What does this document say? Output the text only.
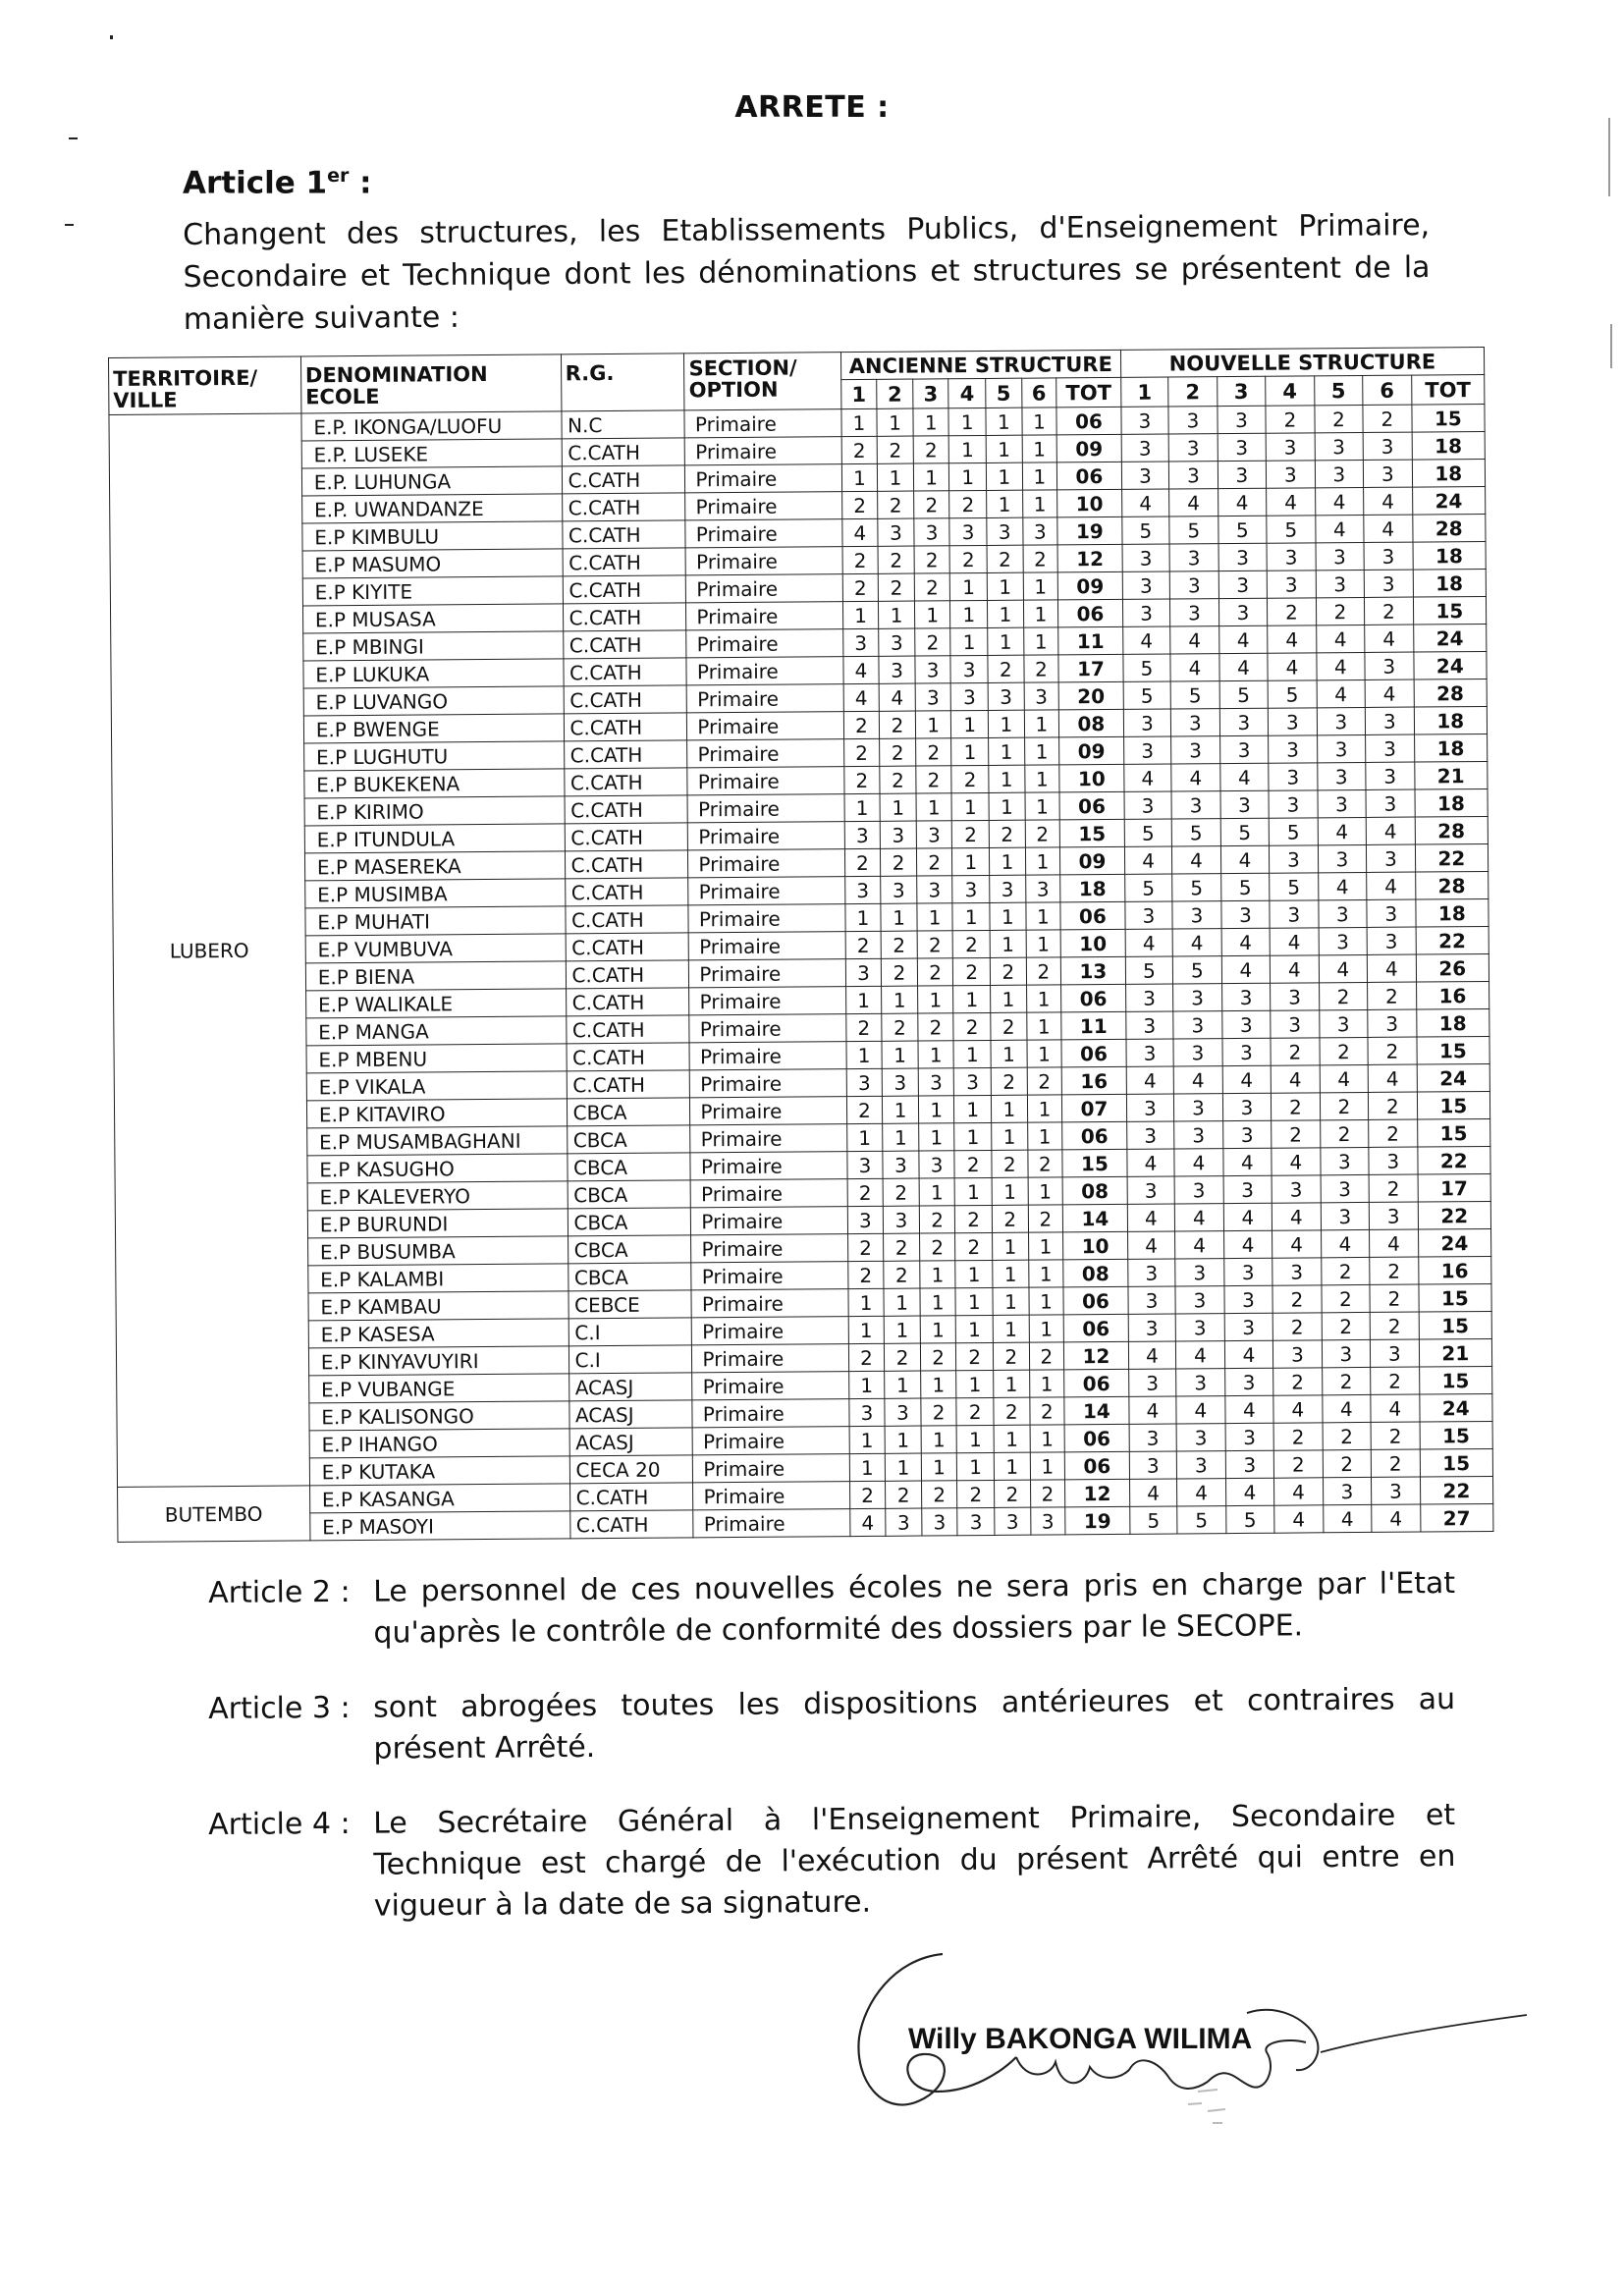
ARRETE :
Article 1er :
Changent des structures, les Etablissements Publics, d'Enseignement Primaire, Secondaire et Technique dont les dénominations et structures se présentent de la manière suivante :
TERRITOIRE/ VILLE	DENOMINATION ECOLE	R.G.	SECTION/ OPTION	ANCIENNE STRUCTURE							NOUVELLE STRUCTURE						
				1	2	3	4	5	6	TOT	1	2	3	4	5	6	TOT
LUBERO	E.P. IKONGA/LUOFU	N.C	Primaire	1	1	1	1	1	1	06	3	3	3	2	2	2	15
	E.P. LUSEKE	C.CATH	Primaire	2	2	2	1	1	1	09	3	3	3	3	3	3	18
	E.P. LUHUNGA	C.CATH	Primaire	1	1	1	1	1	1	06	3	3	3	3	3	3	18
	E.P. UWANDANZE	C.CATH	Primaire	2	2	2	2	1	1	10	4	4	4	4	4	4	24
	E.P KIMBULU	C.CATH	Primaire	4	3	3	3	3	3	19	5	5	5	5	4	4	28
	E.P MASUMO	C.CATH	Primaire	2	2	2	2	2	2	12	3	3	3	3	3	3	18
	E.P KIYITE	C.CATH	Primaire	2	2	2	1	1	1	09	3	3	3	3	3	3	18
	E.P MUSASA	C.CATH	Primaire	1	1	1	1	1	1	06	3	3	3	2	2	2	15
	E.P MBINGI	C.CATH	Primaire	3	3	2	1	1	1	11	4	4	4	4	4	4	24
	E.P LUKUKA	C.CATH	Primaire	4	3	3	3	2	2	17	5	4	4	4	4	3	24
	E.P LUVANGO	C.CATH	Primaire	4	4	3	3	3	3	20	5	5	5	5	4	4	28
	E.P BWENGE	C.CATH	Primaire	2	2	1	1	1	1	08	3	3	3	3	3	3	18
	E.P LUGHUTU	C.CATH	Primaire	2	2	2	1	1	1	09	3	3	3	3	3	3	18
	E.P BUKEKENA	C.CATH	Primaire	2	2	2	2	1	1	10	4	4	4	3	3	3	21
	E.P KIRIMO	C.CATH	Primaire	1	1	1	1	1	1	06	3	3	3	3	3	3	18
	E.P ITUNDULA	C.CATH	Primaire	3	3	3	2	2	2	15	5	5	5	5	4	4	28
	E.P MASEREKA	C.CATH	Primaire	2	2	2	1	1	1	09	4	4	4	3	3	3	22
	E.P MUSIMBA	C.CATH	Primaire	3	3	3	3	3	3	18	5	5	5	5	4	4	28
	E.P MUHATI	C.CATH	Primaire	1	1	1	1	1	1	06	3	3	3	3	3	3	18
	E.P VUMBUVA	C.CATH	Primaire	2	2	2	2	1	1	10	4	4	4	4	3	3	22
	E.P BIENA	C.CATH	Primaire	3	2	2	2	2	2	13	5	5	4	4	4	4	26
	E.P WALIKALE	C.CATH	Primaire	1	1	1	1	1	1	06	3	3	3	3	2	2	16
	E.P MANGA	C.CATH	Primaire	2	2	2	2	2	1	11	3	3	3	3	3	3	18
	E.P MBENU	C.CATH	Primaire	1	1	1	1	1	1	06	3	3	3	2	2	2	15
	E.P VIKALA	C.CATH	Primaire	3	3	3	3	2	2	16	4	4	4	4	4	4	24
	E.P KITAVIRO	CBCA	Primaire	2	1	1	1	1	1	07	3	3	3	2	2	2	15
	E.P MUSAMBAGHANI	CBCA	Primaire	1	1	1	1	1	1	06	3	3	3	2	2	2	15
	E.P KASUGHO	CBCA	Primaire	3	3	3	2	2	2	15	4	4	4	4	3	3	22
	E.P KALEVERYO	CBCA	Primaire	2	2	1	1	1	1	08	3	3	3	3	3	2	17
	E.P BURUNDI	CBCA	Primaire	3	3	2	2	2	2	14	4	4	4	4	3	3	22
	E.P BUSUMBA	CBCA	Primaire	2	2	2	2	1	1	10	4	4	4	4	4	4	24
	E.P KALAMBI	CBCA	Primaire	2	2	1	1	1	1	08	3	3	3	3	2	2	16
	E.P KAMBAU	CEBCE	Primaire	1	1	1	1	1	1	06	3	3	3	2	2	2	15
	E.P KASESA	C.I	Primaire	1	1	1	1	1	1	06	3	3	3	2	2	2	15
	E.P KINYAVUYIRI	C.I	Primaire	2	2	2	2	2	2	12	4	4	4	3	3	3	21
	E.P VUBANGE	ACASJ	Primaire	1	1	1	1	1	1	06	3	3	3	2	2	2	15
	E.P KALISONGO	ACASJ	Primaire	3	3	2	2	2	2	14	4	4	4	4	4	4	24
	E.P IHANGO	ACASJ	Primaire	1	1	1	1	1	1	06	3	3	3	2	2	2	15
	E.P KUTAKA	CECA 20	Primaire	1	1	1	1	1	1	06	3	3	3	2	2	2	15
BUTEMBO	E.P KASANGA	C.CATH	Primaire	2	2	2	2	2	2	12	4	4	4	4	3	3	22
	E.P MASOYI	C.CATH	Primaire	4	3	3	3	3	3	19	5	5	5	4	4	4	27
Article 2 : Le personnel de ces nouvelles écoles ne sera pris en charge par l'Etat qu'après le contrôle de conformité des dossiers par le SECOPE.
Article 3 : sont abrogées toutes les dispositions antérieures et contraires au présent Arrêté.
Article 4 : Le Secrétaire Général à l'Enseignement Primaire, Secondaire et Technique est chargé de l'exécution du présent Arrêté qui entre en vigueur à la date de sa signature.
Willy BAKONGA WILIMA
